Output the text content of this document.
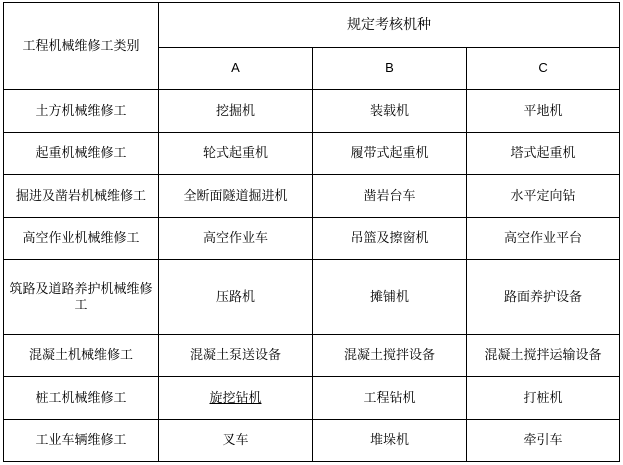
工程机械维修工类别	规定考核机种		
	A	B	C
土方机械维修工	挖掘机	装载机	平地机
起重机械维修工	轮式起重机	履带式起重机	塔式起重机
掘进及凿岩机械维修工	全断面隧道掘进机	凿岩台车	水平定向钻
高空作业机械维修工	高空作业车	吊篮及擦窗机	高空作业平台
筑路及道路养护机械维修工	压路机	摊铺机	路面养护设备
混凝土机械维修工	混凝土泵送设备	混凝土搅拌设备	混凝土搅拌运输设备
桩工机械维修工	旋挖钻机	工程钻机	打桩机
工业车辆维修工	叉车	堆垛机	牵引车
